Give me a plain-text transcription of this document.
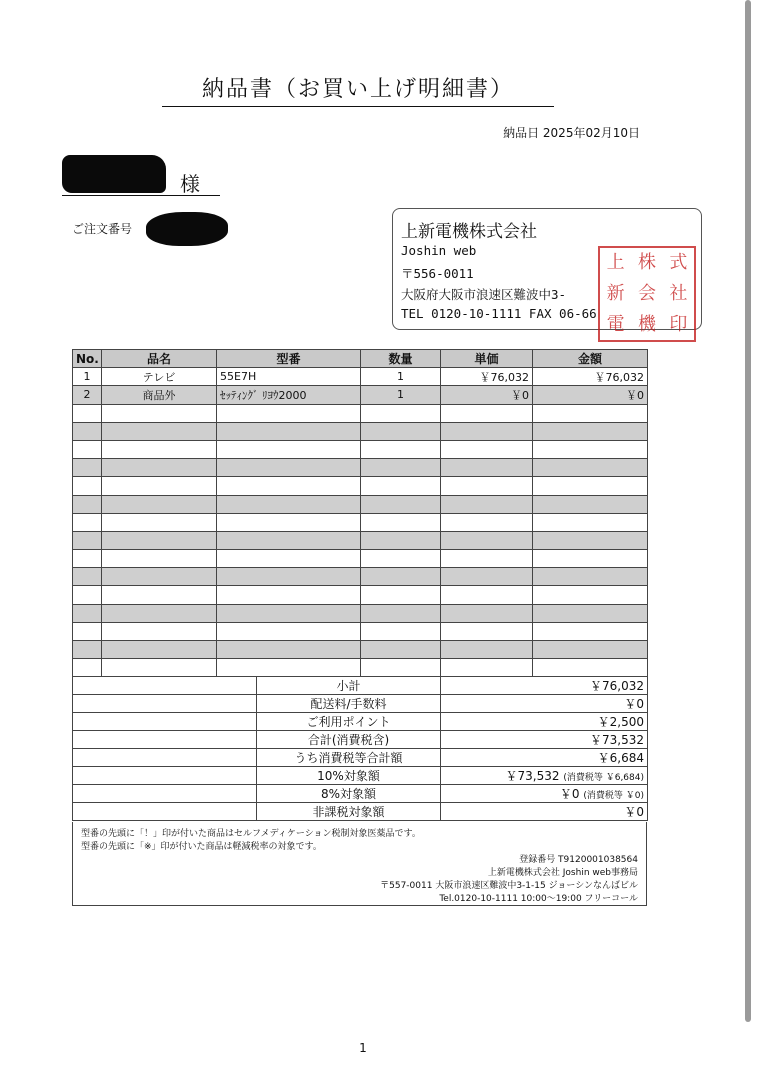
納品書（お買い上げ明細書）
納品日 2025年02月10日
様
ご注文番号	上新電機株式会社
Joshin web
〒556-0011
大阪府大阪市浪速区難波中3-
TEL 0120-10-1111 FAX 06-66
上 株 式
新 会 社
電 機 印
No.	品名	型番	数量	単価	金額
1	テレビ	55E7H	1	￥76,032	￥76,032
2	商品外	ｾｯﾃｨﾝｸﾞ ﾘﾖｳ2000	1	￥0	￥0

	小計	￥76,032
	配送料/手数料	￥0
	ご利用ポイント	￥2,500
	合計(消費税含)	￥73,532
	うち消費税等合計額	￥6,684
	10%対象額	￥73,532 (消費税等 ￥6,684)
	8%対象額	￥0 (消費税等 ￥0)
	非課税対象額	￥0
型番の先頭に「！」印が付いた商品はセルフメディケーション税制対象医薬品です。
型番の先頭に「※」印が付いた商品は軽減税率の対象です。
登録番号 T9120001038564
上新電機株式会社 Joshin web事務局
〒557-0011 大阪市浪速区難波中3-1-15 ジョーシンなんばビル
Tel.0120-10-1111 10:00～19:00 フリーコール
1
